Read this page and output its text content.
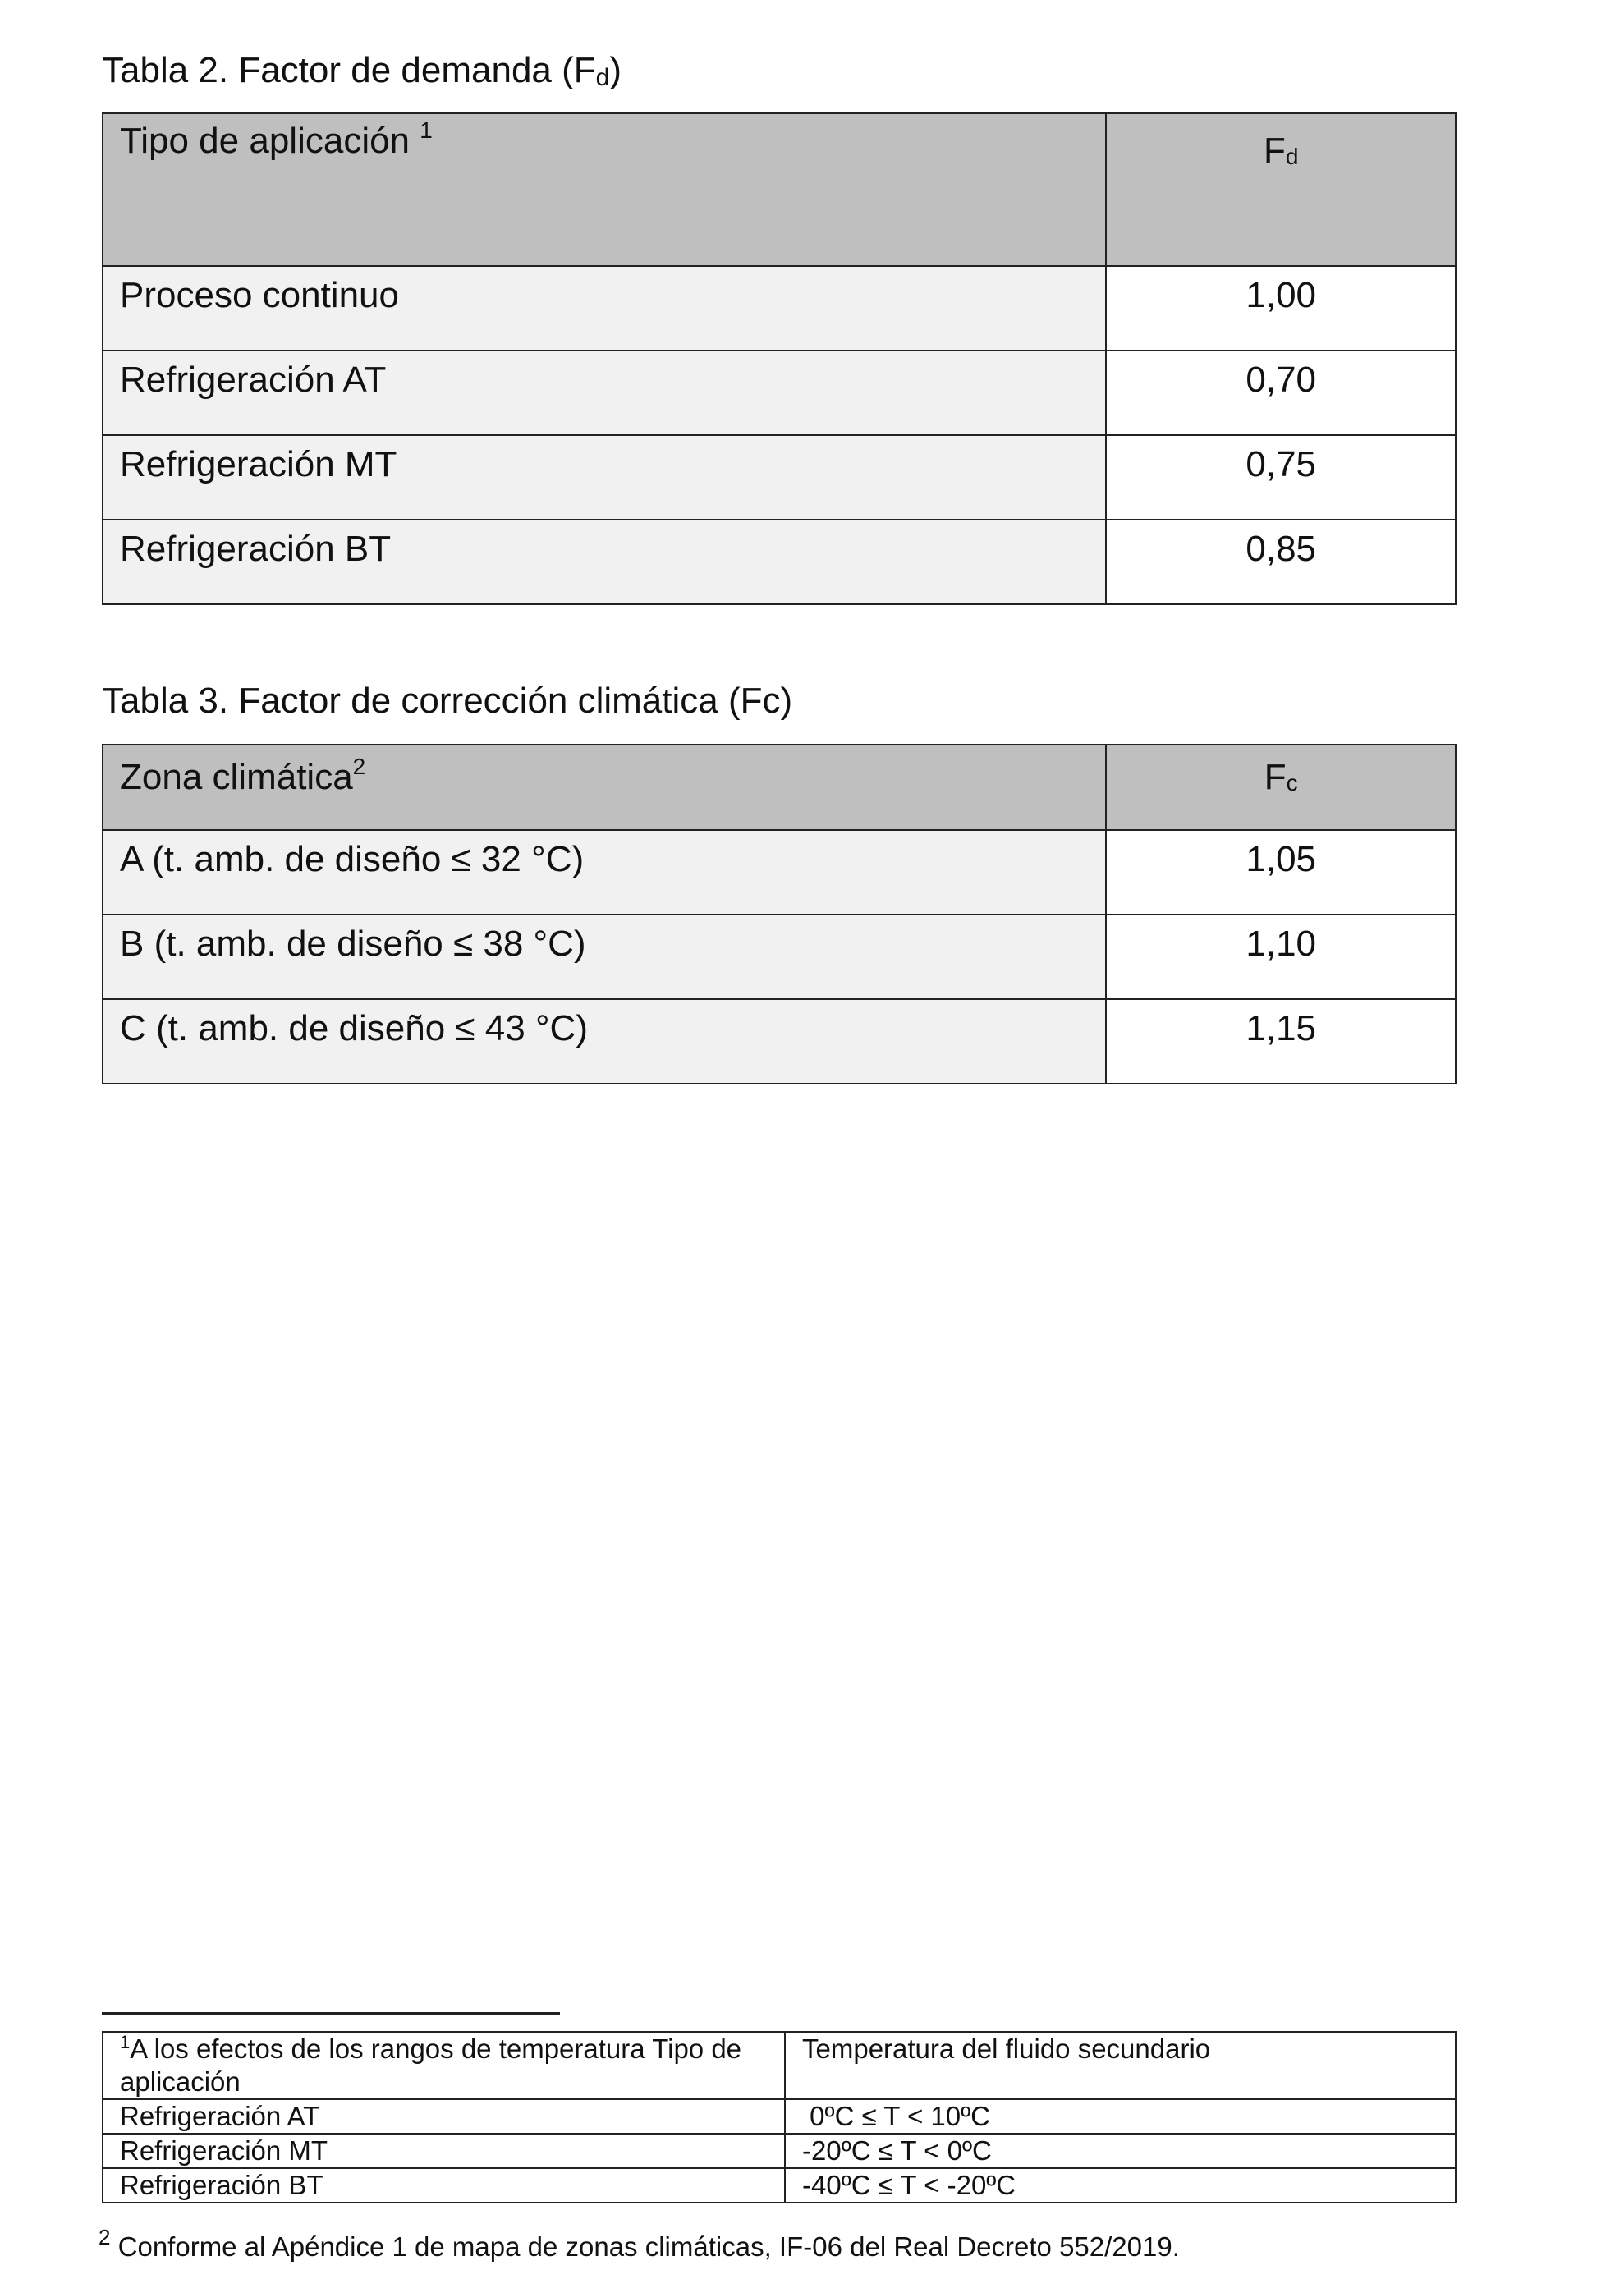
Tabla 2. Factor de demanda (Fd)
Tipo de aplicación $^1$	Fd
Proceso continuo	1,00
Refrigeración AT	0,70
Refrigeración MT	0,75
Refrigeración BT	0,85
Tabla 3. Factor de corrección climática (Fc)
Zona climática$^2$	Fc
A (t. amb. de diseño ≤ 32 °C)	1,05
B (t. amb. de diseño ≤ 38 °C)	1,10
C (t. amb. de diseño ≤ 43 °C)	1,15
$^1$A los efectos de los rangos de temperatura Tipo de aplicación	Temperatura del fluido secundario
Refrigeración AT	0ºC ≤ T < 10ºC
Refrigeración MT	-20ºC ≤ T < 0ºC
Refrigeración BT	-40ºC ≤ T < -20ºC
$^2$ Conforme al Apéndice 1 de mapa de zonas climáticas, IF-06 del Real Decreto 552/2019.
